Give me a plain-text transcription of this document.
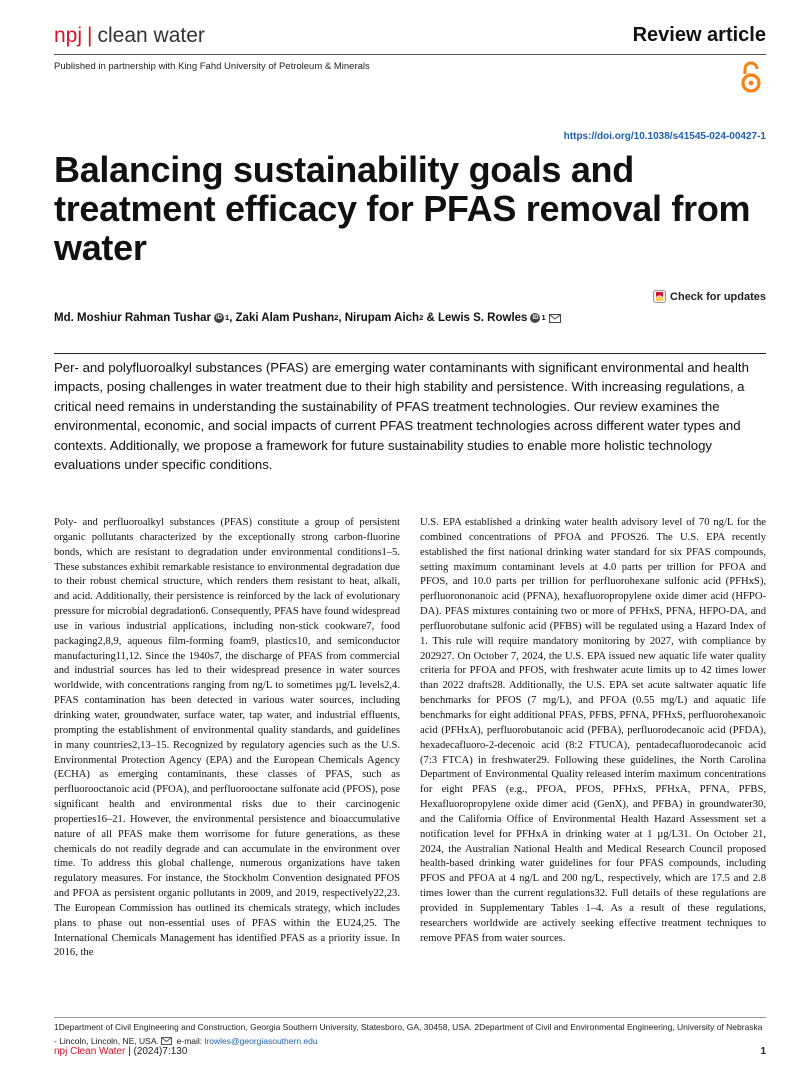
npj | clean water	Review article
Published in partnership with King Fahd University of Petroleum & Minerals
https://doi.org/10.1038/s41545-024-00427-1
Balancing sustainability goals and treatment efficacy for PFAS removal from water
Check for updates
Md. Moshiur Rahman Tushar iD 1 , Zaki Alam Pushan 2 , Nirupam Aich 2 & Lewis S. Rowles iD 1

Per- and polyfluoroalkyl substances (PFAS) are emerging water contaminants with significant environmental and health impacts, posing challenges in water treatment due to their high stability and persistence. With increasing regulations, a critical need remains in understanding the sustainability of PFAS treatment technologies. Our review examines the environmental, economic, and social impacts of current PFAS treatment technologies across different water types and contexts. Additionally, we propose a framework for future sustainability studies to enable more holistic technology evaluations under specific conditions.

Poly- and perfluoroalkyl substances (PFAS) constitute a group of persistent organic pollutants characterized by the exceptionally strong carbon-fluorine bonds, which are resistant to degradation under environmental conditions1–5. These substances exhibit remarkable resistance to environmental degradation due to their robust chemical structure, which renders them resistant to heat, alkali, and acid. Additionally, their persistence is reinforced by the lack of evolutionary pressure for microbial degradation6. Consequently, PFAS have found widespread use in various industrial applications, including non-stick cookware7, food packaging2,8,9, aqueous film-forming foam9, plastics10, and semiconductor manufacturing11,12. Since the 1940s7, the discharge of PFAS from commercial and industrial sources has led to their widespread presence in water sources worldwide, with concentrations ranging from ng/L to sometimes µg/L levels2,4. PFAS contamination has been detected in various water sources, including drinking water, groundwater, surface water, tap water, and industrial effluents, prompting the establishment of environmental quality standards, and guidelines in many countries2,13–15. Recognized by regulatory agencies such as the U.S. Environmental Protection Agency (EPA) and the European Chemicals Agency (ECHA) as emerging contaminants, these classes of PFAS, such as perfluorooctanoic acid (PFOA), and perfluorooctane sulfonate acid (PFOS), pose significant health and environmental risks due to their carcinogenic properties16–21. However, the environmental persistence and bioaccumulative nature of all PFAS make them worrisome for future generations, as these chemicals do not readily degrade and can accumulate in the environment over time. To address this global challenge, numerous organizations have taken regulatory measures. For instance, the Stockholm Convention designated PFOS and PFOA as persistent organic pollutants in 2009, and 2019, respectively22,23. The European Commission has outlined its chemicals strategy, which includes plans to phase out non-essential uses of PFAS within the EU24,25. The International Chemicals Management has identified PFAS as a priority issue. In 2016, the

U.S. EPA established a drinking water health advisory level of 70 ng/L for the combined concentrations of PFOA and PFOS26. The U.S. EPA recently established the first national drinking water standard for six PFAS compounds, setting maximum contaminant levels at 4.0 parts per trillion for PFOA and PFOS, and 10.0 parts per trillion for perfluorohexane sulfonic acid (PFHxS), perfluorononanoic acid (PFNA), hexafluoropropylene oxide dimer acid (HFPO-DA). PFAS mixtures containing two or more of PFHxS, PFNA, HFPO-DA, and perfluorobutane sulfonic acid (PFBS) will be regulated using a Hazard Index of 1. This rule will require mandatory monitoring by 2027, with compliance by 202927. On October 7, 2024, the U.S. EPA issued new aquatic life water quality criteria for PFOA and PFOS, with freshwater acute limits up to 42 times lower than 2022 drafts28. Additionally, the U.S. EPA set acute saltwater aquatic life benchmarks for PFOS (7 mg/L), and PFOA (0.55 mg/L) and aquatic life benchmarks for eight additional PFAS, PFBS, PFNA, PFHxS, perfluorohexanoic acid (PFHxA), perfluorobutanoic acid (PFBA), perfluorodecanoic acid (PFDA), hexadecafluoro-2-decenoic acid (8:2 FTUCA), pentadecafluorodecanoic acid (7:3 FTCA) in freshwater29. Following these guidelines, the North Carolina Department of Environmental Quality released interim maximum concentrations for eight PFAS (e.g., PFOA, PFOS, PFHxS, PFHxA, PFNA, PFBS, Hexafluoropropylene oxide dimer acid (GenX), and PFBA) in groundwater30, and the California Office of Environmental Health Hazard Assessment set a notification level for PFHxA in drinking water at 1 µg/L31. On October 21, 2024, the Australian National Health and Medical Research Council proposed health-based drinking water guidelines for four PFAS compounds, including PFOS and PFOA at 4 ng/L and 200 ng/L, respectively, which are 17.5 and 2.8 times lower than the current regulations32. Full details of these regulations are provided in Supplementary Tables 1–4. As a result of these regulations, researchers worldwide are actively seeking effective treatment techniques to remove PFAS from water sources.

1Department of Civil Engineering and Construction, Georgia Southern University, Statesboro, GA, 30458, USA. 2Department of Civil and Environmental Engineering, University of Nebraska - Lincoln, Lincoln, NE, USA. e-mail: lrowles@georgiasouthern.edu
npj Clean Water | (2024)7:130	1
